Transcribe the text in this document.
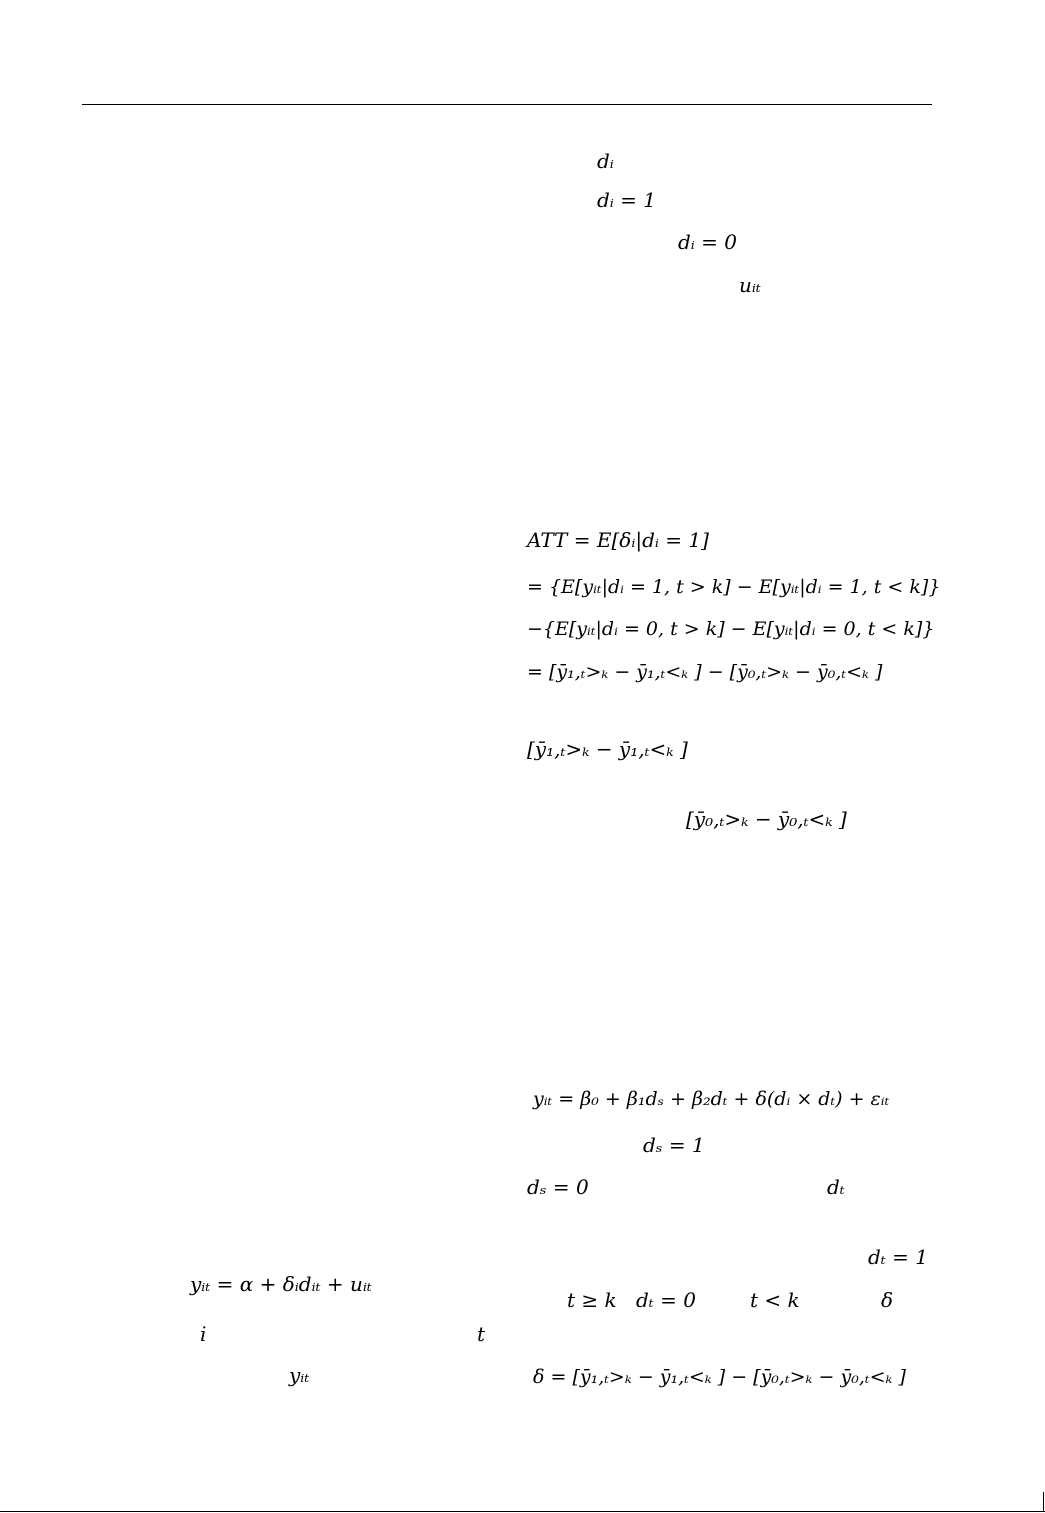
dᵢ
dᵢ = 1
dᵢ = 0
uᵢₜ
ATT = E[δᵢ|dᵢ = 1]
= {E[yᵢₜ|dᵢ = 1, t > k] − E[yᵢₜ|dᵢ = 1, t < k]}
−{E[yᵢₜ|dᵢ = 0, t > k] − E[yᵢₜ|dᵢ = 0, t < k]}
= [ȳ₁,ₜ>ₖ − ȳ₁,ₜ<ₖ ] − [ȳ₀,ₜ>ₖ − ȳ₀,ₜ<ₖ ]
[ȳ₁,ₜ>ₖ − ȳ₁,ₜ<ₖ ]
[ȳ₀,ₜ>ₖ − ȳ₀,ₜ<ₖ ]
yᵢₜ = β₀ + β₁dₛ + β₂dₜ + δ(dᵢ × dₜ) + εᵢₜ
dₛ = 1
dₛ = 0	dₜ
dₜ = 1
t ≥ k dₜ = 0	t < k	δ
yᵢₜ = α + δᵢdᵢₜ + uᵢₜ
i	t
yᵢₜ	δ = [ȳ₁,ₜ>ₖ − ȳ₁,ₜ<ₖ ] − [ȳ₀,ₜ>ₖ − ȳ₀,ₜ<ₖ ]
